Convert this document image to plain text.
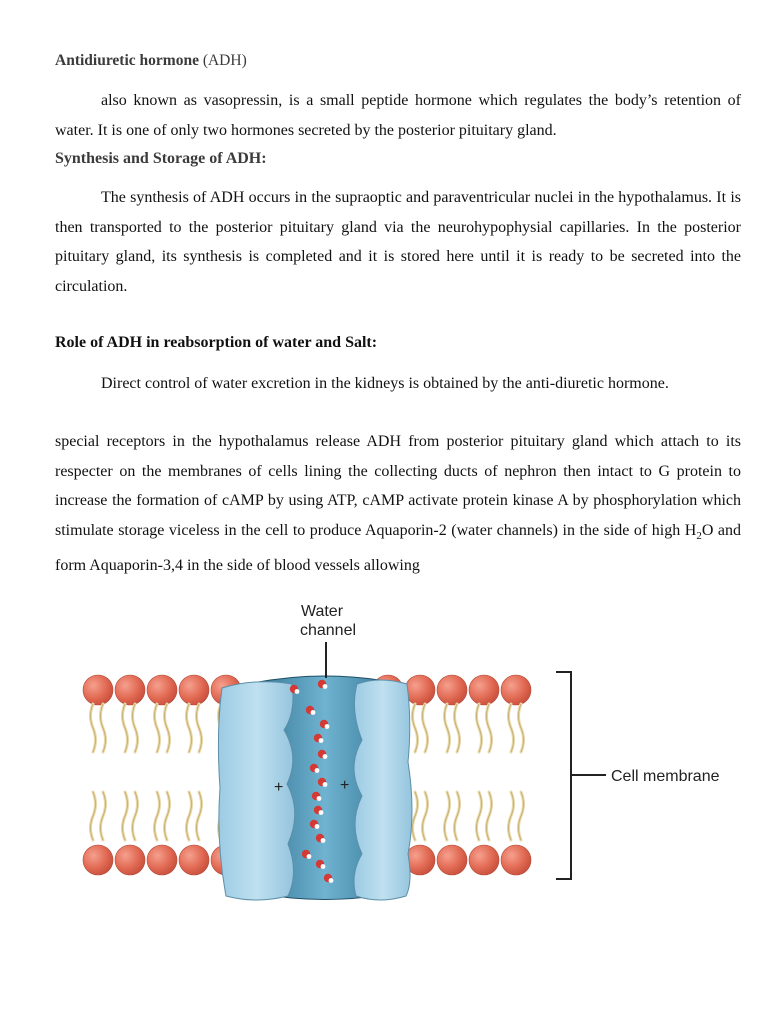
Antidiuretic hormone (ADH)

also known as vasopressin, is a small peptide hormone which regulates the body’s retention of water. It is one of only two hormones secreted by the posterior pituitary gland.

Synthesis and Storage of ADH:

The synthesis of ADH occurs in the supraoptic and paraventricular nuclei in the hypothalamus. It is then transported to the posterior pituitary gland via the neurohypophysial capillaries. In the posterior pituitary gland, its synthesis is completed and it is stored here until it is ready to be secreted into the circulation.

Role of ADH in reabsorption of water and Salt:

Direct control of water excretion in the kidneys is obtained by the anti-diuretic hormone.

special receptors in the hypothalamus release ADH from posterior pituitary gland which attach to its respecter on the membranes of cells lining the collecting ducts of nephron then intact to G protein to increase the formation of cAMP by using ATP, cAMP activate protein kinase A by phosphorylation which stimulate storage viceless in the cell to produce Aquaporin-2 (water channels) in the side of high $H_2O$ and form Aquaporin-3,4 in the side of blood vessels allowing

+	+
Water
channel
Cell membrane
